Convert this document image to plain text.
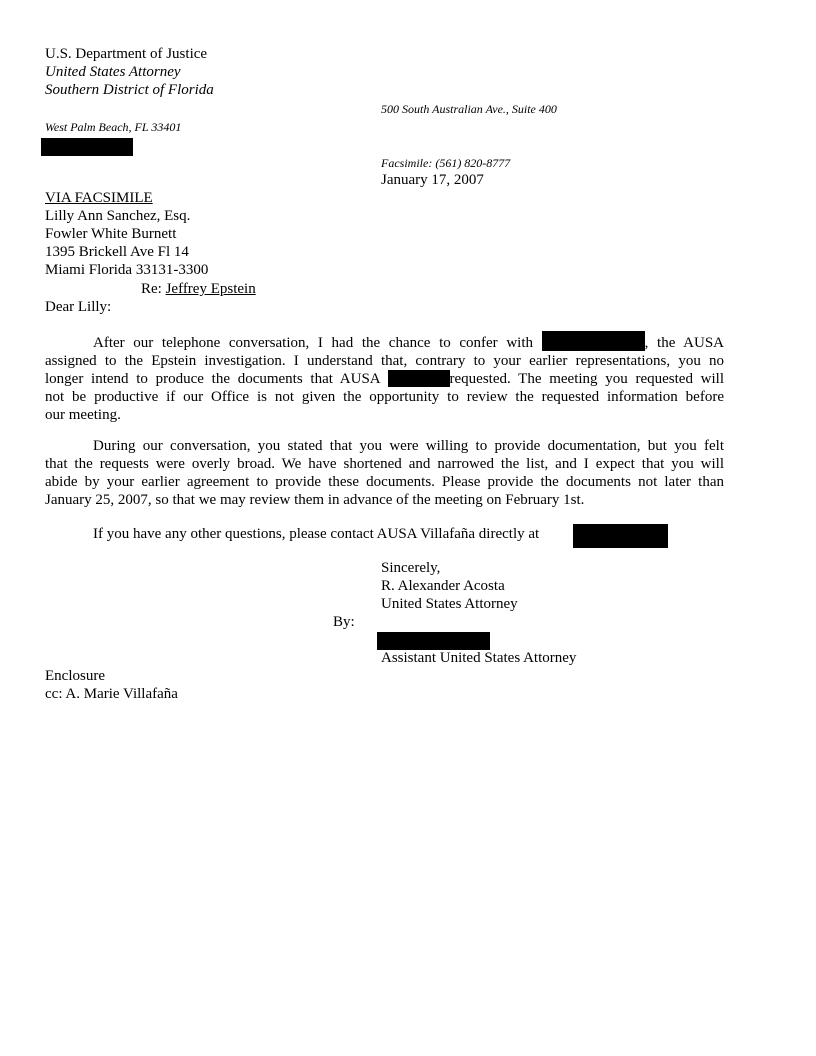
U.S. Department of Justice
United States Attorney
Southern District of Florida
500 South Australian Ave., Suite 400
West Palm Beach, FL 33401
Facsimile: (561) 820-8777
January 17, 2007
VIA FACSIMILE
Lilly Ann Sanchez, Esq.
Fowler White Burnett
1395 Brickell Ave Fl 14
Miami Florida 33131-3300
Re: Jeffrey Epstein
Dear Lilly:
After our telephone conversation, I had the chance to confer with	, the AUSA
assigned to the Epstein investigation. I understand that, contrary to your earlier representations, you no
longer intend to produce the documents that AUSA	requested. The meeting you requested will
not be productive if our Office is not given the opportunity to review the requested information before
our meeting.
During our conversation, you stated that you were willing to provide documentation, but you felt
that the requests were overly broad. We have shortened and narrowed the list, and I expect that you will
abide by your earlier agreement to provide these documents. Please provide the documents not later than
January 25, 2007, so that we may review them in advance of the meeting on February 1st.
If you have any other questions, please contact AUSA Villafaña directly at
Sincerely,
R. Alexander Acosta
United States Attorney
By:
Assistant United States Attorney
Enclosure
cc: A. Marie Villafaña
